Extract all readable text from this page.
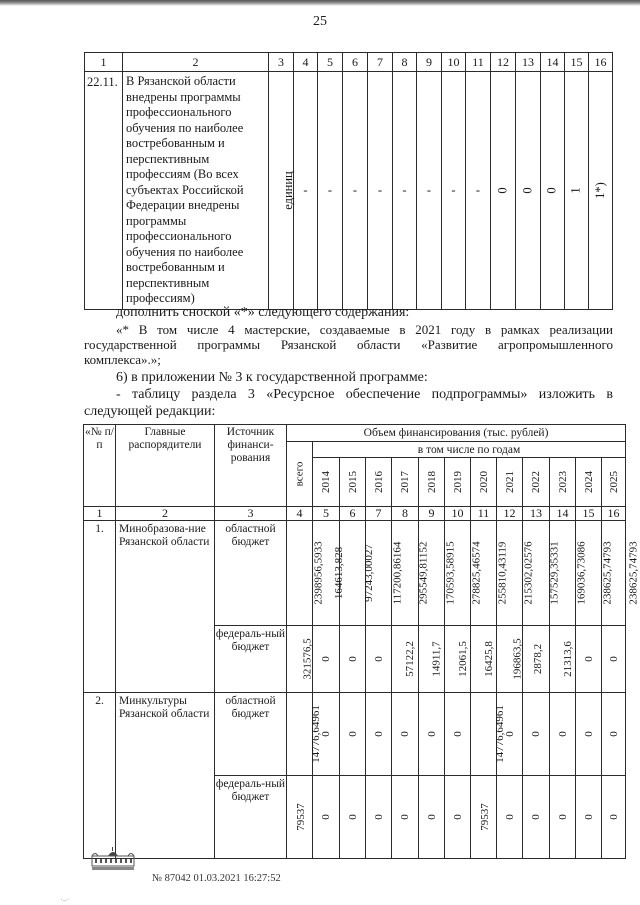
25
1	2	3	4	5	6	7	8	9	10	11	12	13	14	15	16
22.11.	В Рязанской области внедрены программы профессионального обучения по наиболее востребованным и перспективным профессиям (Во всех субъектах Российской Федерации внедрены программы профессионального обучения по наиболее востребованным и перспективным профессиям)	единиц	-	-	-	-	-	-	-	-	0	0	0	1	1*)
дополнить сноской «*» следующего содержания:
«* В том числе 4 мастерские, создаваемые в 2021 году в рамках реализации
государственной программы Рязанской области «Развитие агропромышленного
комплекса».»;
6) в приложении № 3 к государственной программе:
- таблицу раздела 3 «Ресурсное обеспечение подпрограммы» изложить в
следующей редакции:
«№ п/п	Главные распорядители	Источник финанси-рования	Объем финансирования (тыс. рублей)												
			всего	в том числе по годам											
				2014	2015	2016	2017	2018	2019	2020	2021	2022	2023	2024	2025
1	2	3	4	5	6	7	8	9	10	11	12	13	14	15	16
1.	Минобразова-ние Рязанской области	областной бюджет	2398956,5933	164613,828	97243,00027	117200,86164	295549,81152	170593,58915	278825,46574	255810,43119	215302,02576	157529,35331	169036,73086	238625,74793	238625,74793
		федераль-ный бюджет	321576,5	0	0	0	57122,2	14911,7	12061,5	16425,8	196863,5	2878,2	21313,6	0	0
2.	Минкультуры Рязанской области	областной бюджет	14776,64961	0	0	0	0	0	0	14776,64961	0	0	0	0	0
		федераль-ный бюджет	79537	0	0	0	0	0	0	79537	0	0	0	0	0
№ 87042 01.03.2021 16:27:52
·–·
